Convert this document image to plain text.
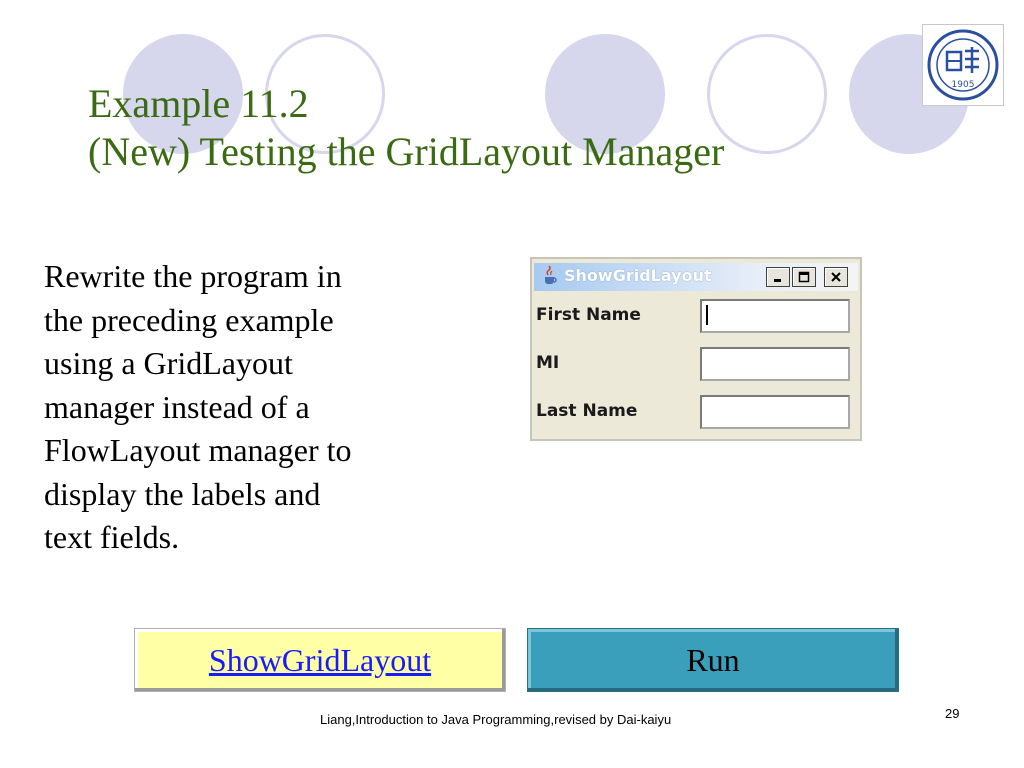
1905
Example 11.2
(New) Testing the GridLayout Manager
Rewrite the program in
the preceding example
using a GridLayout
manager instead of a
FlowLayout manager to
display the labels and
text fields.
ShowGridLayout
First Name
MI
Last Name
ShowGridLayout	Run
Liang,Introduction to Java Programming,revised by Dai-kaiyu	29
